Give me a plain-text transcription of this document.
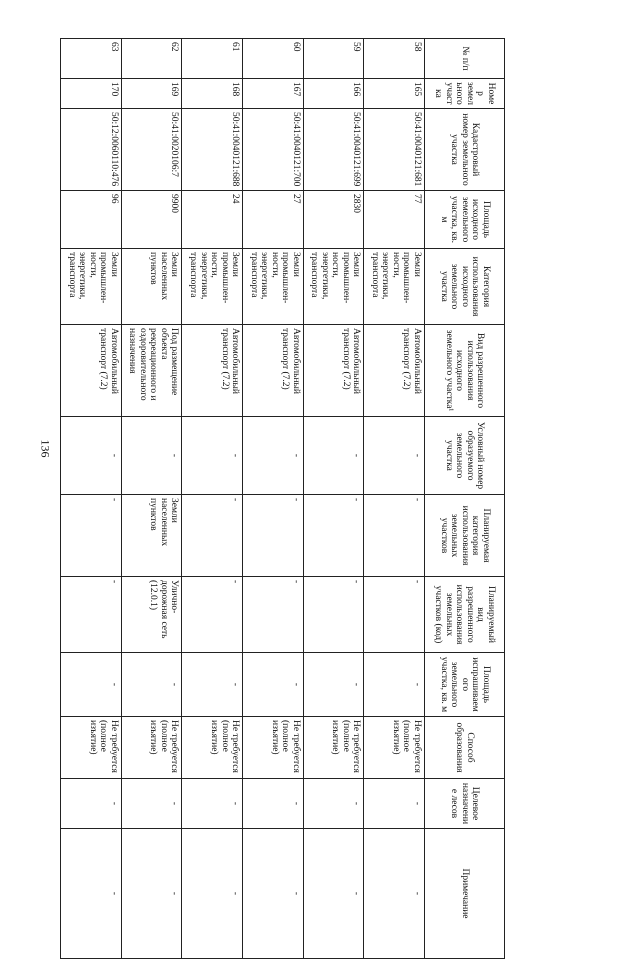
136
№ п/п	Номер земельного участка	Кадастровый номер земельного участка	Площадь исходного земельного участка, кв. м	Категория использования исходного земельного участка	Вид разрешенного использования исходного земельного участка¹	Условный номер образуемого земельного участка	Планируемая категория использования земельных участков	Планируемый вид разрешенного использования земельных участков (код)	Площадь испрашиваемого земельного участка, кв. м	Способ образования	Целевое назначение лесов	Примечание
58	165	50:41:0040121:681	77	Земли промышлен-ности, энергетики, транспорта	Автомобильный транспорт (7.2)	-	-	-	-	Не требуется (полное изъятие)	-	-
59	166	50:41:0040121:699	2830	Земли промышлен-ности, энергетики, транспорта	Автомобильный транспорт (7.2)	-	-	-	-	Не требуется (полное изъятие)	-	-
60	167	50:41:0040121:700	27	Земли промышлен-ности, энергетики, транспорта	Автомобильный транспорт (7.2)	-	-	-	-	Не требуется (полное изъятие)	-	-
61	168	50:41:0040121:688	24	Земли промышлен-ности, энергетики, транспорта	Автомобильный транспорт (7.2)	-	-	-	-	Не требуется (полное изъятие)	-	-
62	169	50:41:0020106:7	9900	Земли населенных пунктов	Под размещение объекта рекреационного и оздоровительного назначения	-	Земли населенных пунктов	Улично-дорожная сеть (12.0.1)	-	Не требуется (полное изъятие)	-	-
63	170	50:12:0060110:476	96	Земли промышлен-ности, энергетики, транспорта	Автомобильный транспорт (7.2)	-	-	-	-	Не требуется (полное изъятие)	-	-
